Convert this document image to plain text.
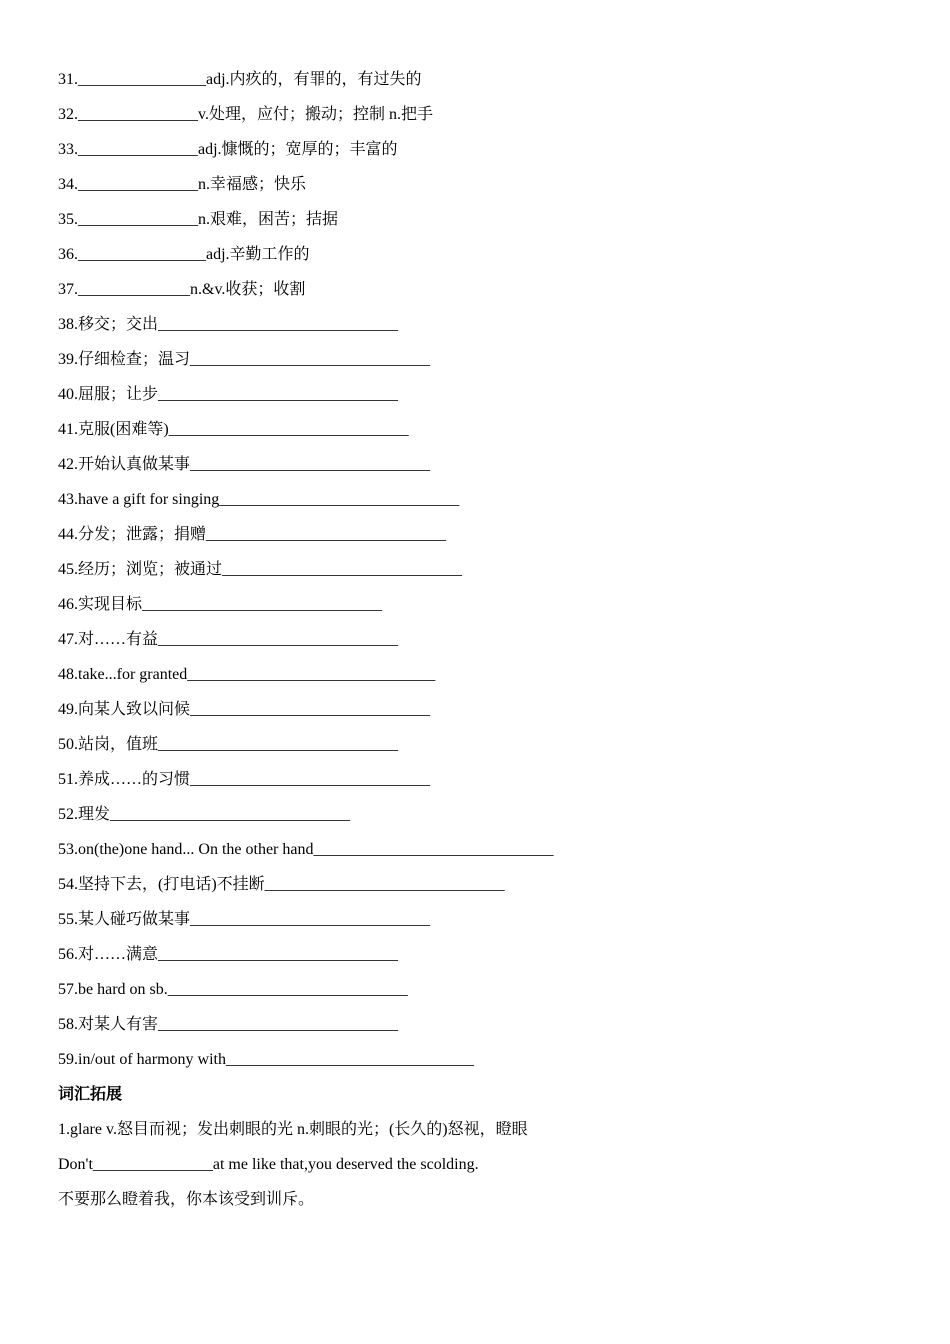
31.________________adj.内疚的，有罪的，有过失的
32._______________v.处理，应付；搬动；控制 n.把手
33._______________adj.慷慨的；宽厚的；丰富的
34._______________n.幸福感；快乐
35._______________n.艰难，困苦；拮据
36.________________adj.辛勤工作的
37.______________n.&v.收获；收割
38.移交；交出______________________________
39.仔细检查；温习______________________________
40.屈服；让步______________________________
41.克服(困难等)______________________________
42.开始认真做某事______________________________
43.have a gift for singing______________________________
44.分发；泄露；捐赠______________________________
45.经历；浏览；被通过______________________________
46.实现目标______________________________
47.对……有益______________________________
48.take...for granted_______________________________
49.向某人致以问候______________________________
50.站岗，值班______________________________
51.养成……的习惯______________________________
52.理发______________________________
53.on(the)one hand... On the other hand______________________________
54.坚持下去，(打电话)不挂断______________________________
55.某人碰巧做某事______________________________
56.对……满意______________________________
57.be hard on sb.______________________________
58.对某人有害______________________________
59.in/out of harmony with_______________________________
词汇拓展
1.glare v.怒目而视；发出刺眼的光 n.刺眼的光；(长久的)怒视，瞪眼
Don't_______________at me like that,you deserved the scolding.
不要那么瞪着我，你本该受到训斥。
